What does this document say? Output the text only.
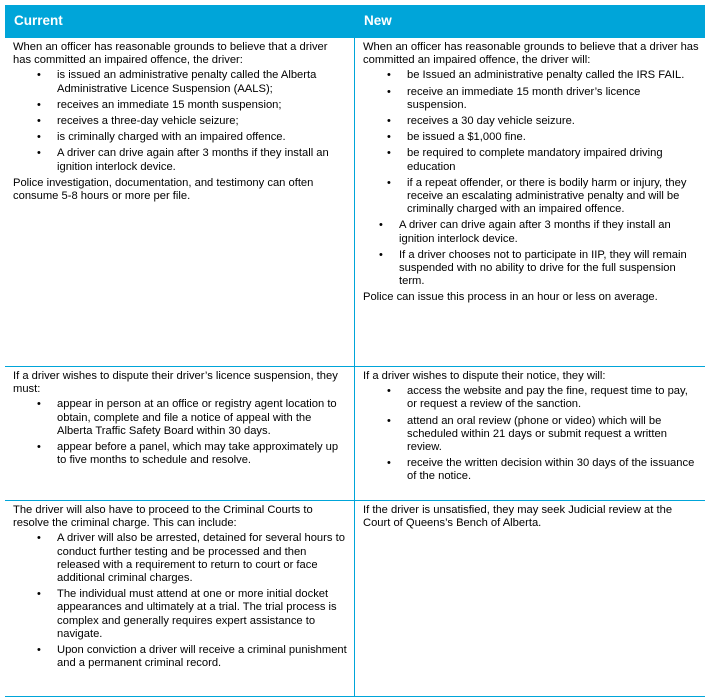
Current	New

When an officer has reasonable grounds to believe that a driver has committed an impaired offence, the driver:

• is issued an administrative penalty called the Alberta Administrative Licence Suspension (AALS);
• receives an immediate 15 month suspension;
• receives a three-day vehicle seizure;
• is criminally charged with an impaired offence.
• A driver can drive again after 3 months if they install an ignition interlock device.

Police investigation, documentation, and testimony can often consume 5-8 hours or more per file.

When an officer has reasonable grounds to believe that a driver has committed an impaired offence, the driver will:

• be Issued an administrative penalty called the IRS FAIL.
• receive an immediate 15 month driver’s licence suspension.
• receives a 30 day vehicle seizure.
• be issued a $1,000 fine.
• be required to complete mandatory impaired driving education
• if a repeat offender, or there is bodily harm or injury, they receive an escalating administrative penalty and will be criminally charged with an impaired offence.
• A driver can drive again after 3 months if they install an ignition interlock device.
• If a driver chooses not to participate in IIP, they will remain suspended with no ability to drive for the full suspension term.

Police can issue this process in an hour or less on average.

If a driver wishes to dispute their driver’s licence suspension, they must:

• appear in person at an office or registry agent location to obtain, complete and file a notice of appeal with the Alberta Traffic Safety Board within 30 days.
• appear before a panel, which may take approximately up to five months to schedule and resolve.

If a driver wishes to dispute their notice, they will:

• access the website and pay the fine, request time to pay, or request a review of the sanction.
• attend an oral review (phone or video) which will be scheduled within 21 days or submit request a written review.
• receive the written decision within 30 days of the issuance of the notice.

The driver will also have to proceed to the Criminal Courts to resolve the criminal charge. This can include:

• A driver will also be arrested, detained for several hours to conduct further testing and be processed and then released with a requirement to return to court or face additional criminal charges.
• The individual must attend at one or more initial docket appearances and ultimately at a trial. The trial process is complex and generally requires expert assistance to navigate.
• Upon conviction a driver will receive a criminal punishment and a permanent criminal record.

If the driver is unsatisfied, they may seek Judicial review at the Court of Queens’s Bench of Alberta.
